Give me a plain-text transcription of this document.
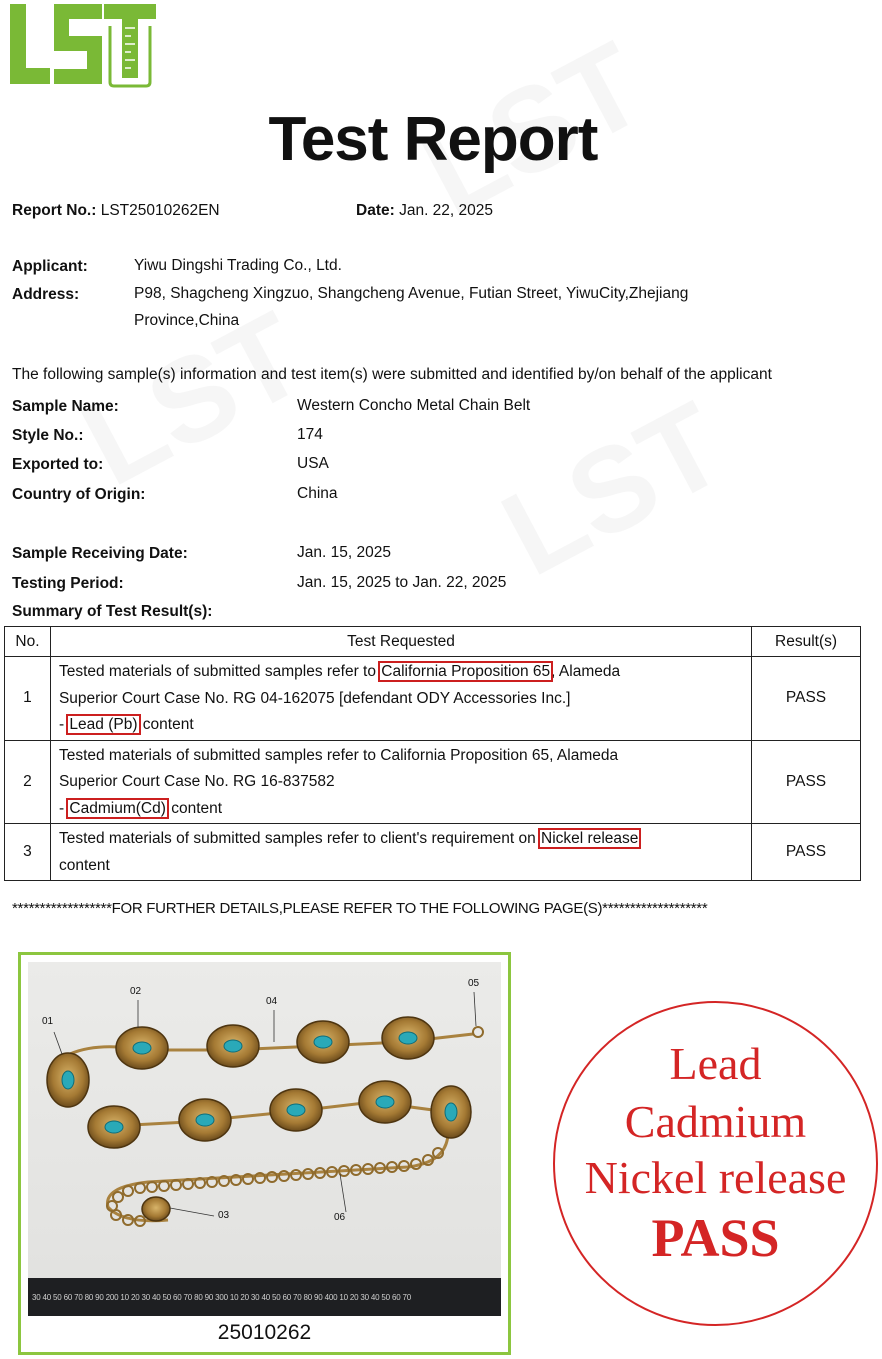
Test Report
Report No.: LST25010262EN	Date: Jan. 22, 2025
Applicant:	Yiwu Dingshi Trading Co., Ltd.
Address:	P98, Shagcheng Xingzuo, Shangcheng Avenue, Futian Street, YiwuCity,Zhejiang
Province,China
The following sample(s) information and test item(s) were submitted and identified by/on behalf of the applicant
Sample Name:	Western Concho Metal Chain Belt
Style No.:	174
Exported to:	USA
Country of Origin:	China
Sample Receiving Date:	Jan. 15, 2025
Testing Period:	Jan. 15, 2025 to Jan. 22, 2025
Summary of Test Result(s):
No.	Test Requested	Result(s)
1	Tested materials of submitted samples refer to California Proposition 65, Alameda
Superior Court Case No. RG 04-162075 [defendant ODY Accessories Inc.]
- Lead (Pb) content	PASS
2	Tested materials of submitted samples refer to California Proposition 65, Alameda
Superior Court Case No. RG 16-837582
- Cadmium(Cd) content	PASS
3	Tested materials of submitted samples refer to client's requirement on Nickel release
content	PASS
******************FOR FURTHER DETAILS,PLEASE REFER TO THE FOLLOWING PAGE(S)*******************
01
02
03
04
05
06
30 40 50 60 70 80 90 200 10 20 30 40 50 60 70 80 90 300 10 20 30 40 50 60 70 80 90 400 10 20 30 40 50 60 70
25010262
Lead
Cadmium
Nickel release
PASS
